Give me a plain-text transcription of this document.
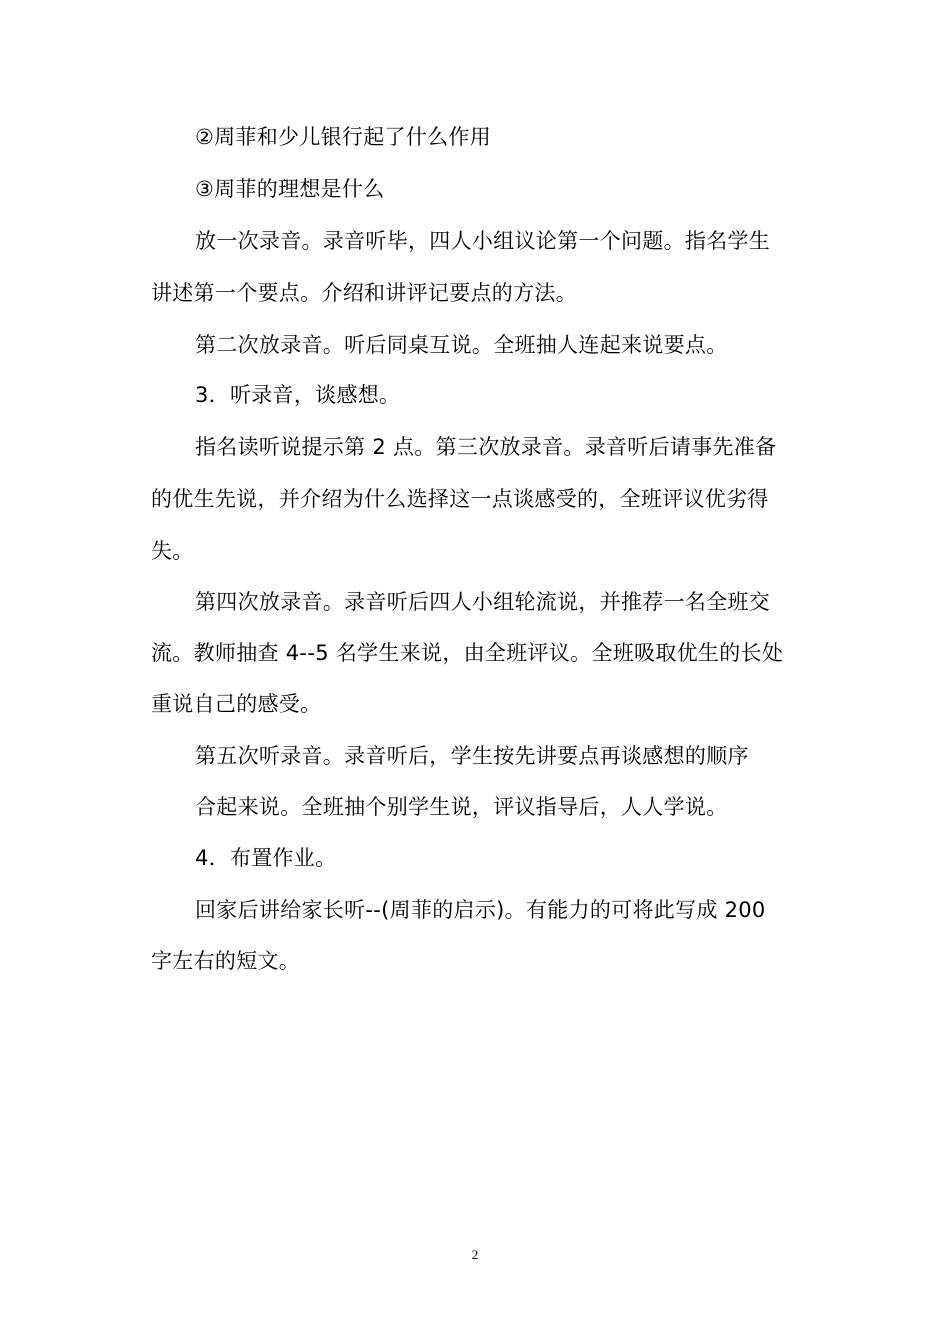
②周菲和少儿银行起了什么作用
③周菲的理想是什么
放一次录音。录音听毕，四人小组议论第一个问题。指名学生
讲述第一个要点。介绍和讲评记要点的方法。
第二次放录音。听后同桌互说。全班抽人连起来说要点。
3．听录音，谈感想。
指名读听说提示第 2 点。第三次放录音。录音听后请事先准备
的优生先说，并介绍为什么选择这一点谈感受的，全班评议优劣得
失。
第四次放录音。录音听后四人小组轮流说，并推荐一名全班交
流。教师抽查 4--5 名学生来说，由全班评议。全班吸取优生的长处
重说自己的感受。
第五次听录音。录音听后，学生按先讲要点再谈感想的顺序
合起来说。全班抽个别学生说，评议指导后，人人学说。
4．布置作业。
回家后讲给家长听--(周菲的启示)。有能力的可将此写成 200
字左右的短文。
2
